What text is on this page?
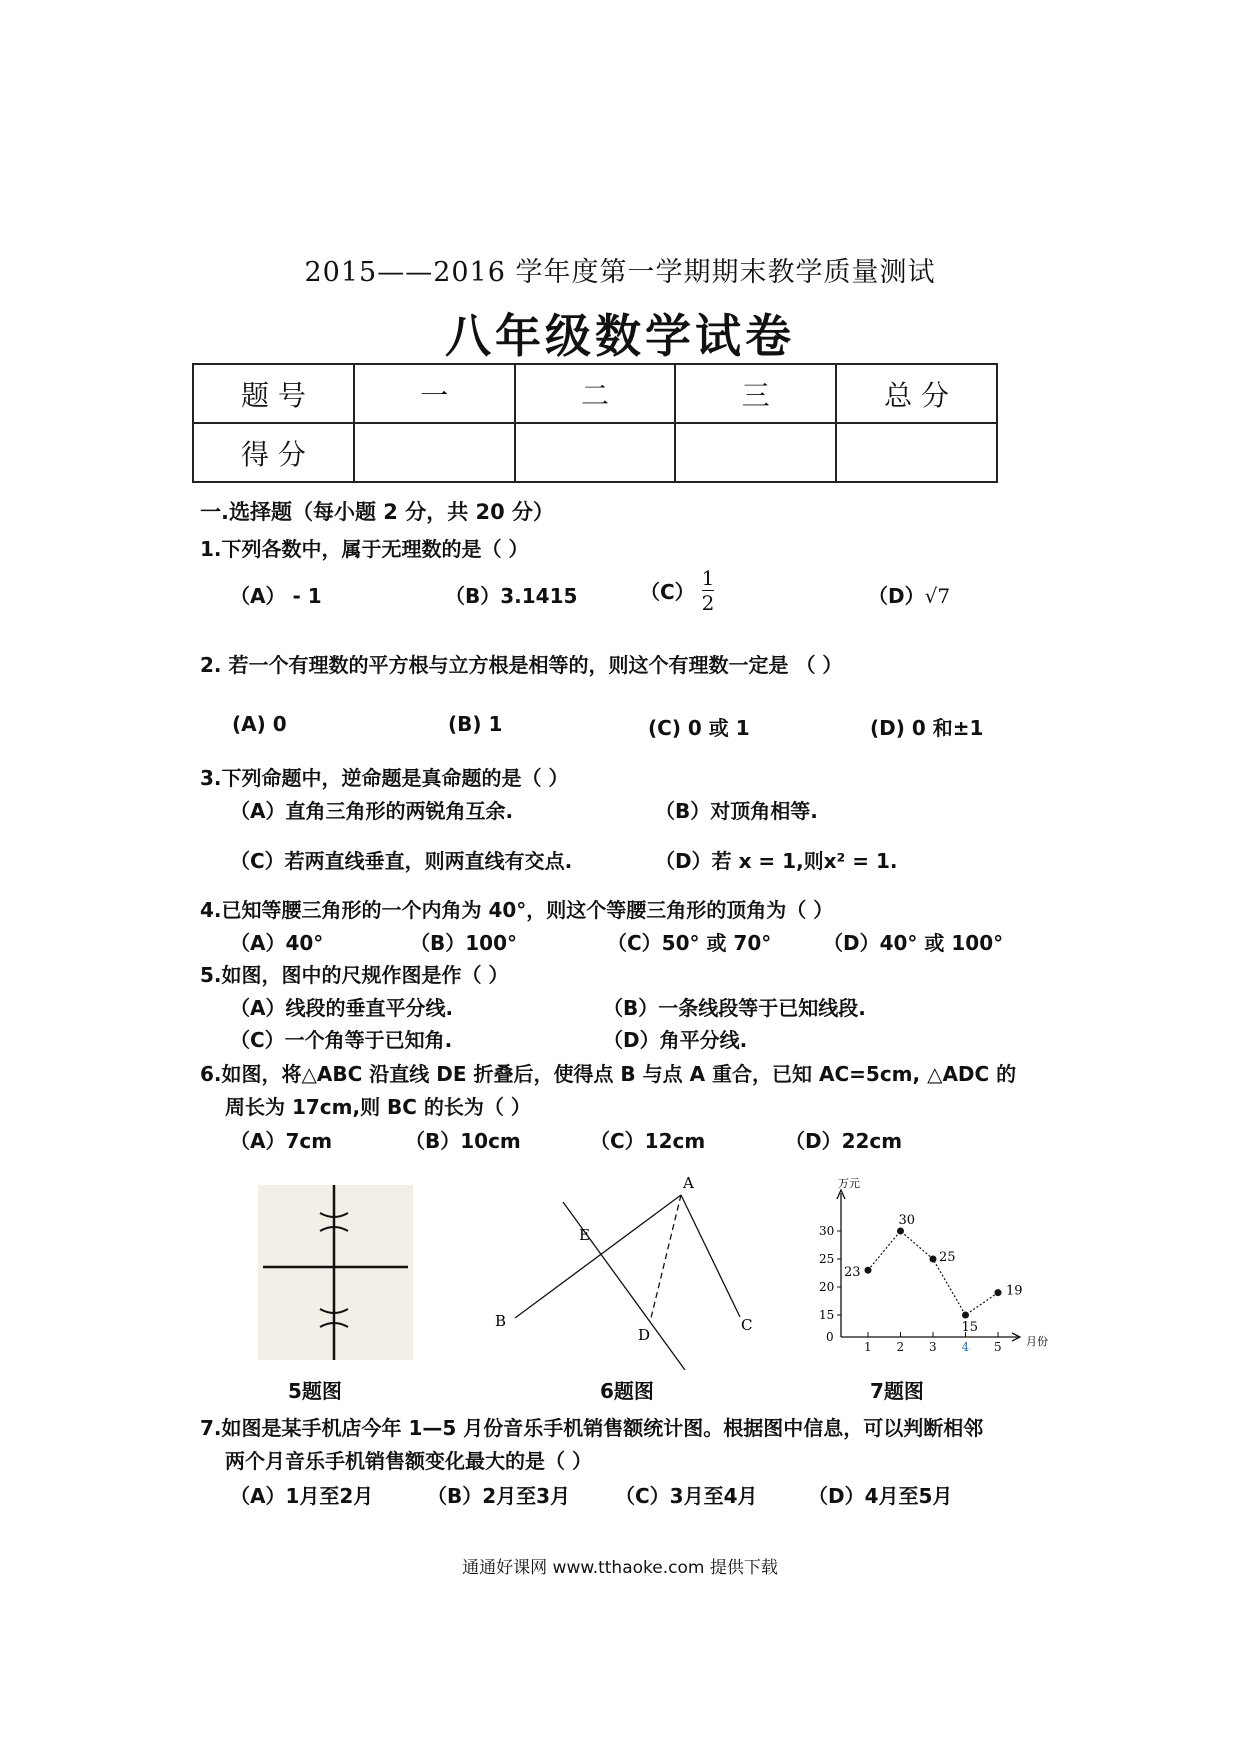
2015——2016 学年度第一学期期末教学质量测试
八年级数学试卷
题 号	一	二	三	总 分
得 分				
一.选择题（每小题 2 分，共 20 分）
1.下列各数中，属于无理数的是（ ）
（A） - 1	（B）3.1415	$(C) \frac{1}{2}$	（D）√7
2. 若一个有理数的平方根与立方根是相等的，则这个有理数一定是 （ ）
(A) 0	(B) 1	(C) 0 或 1	(D) 0 和±1
3.下列命题中，逆命题是真命题的是（ ）
（A）直角三角形的两锐角互余.	（B）对顶角相等.
（C）若两直线垂直，则两直线有交点.	（D）若 x = 1,则x² = 1.
4.已知等腰三角形的一个内角为 40°，则这个等腰三角形的顶角为（ ）
（A）40°	（B）100°	（C）50° 或 70°	（D）40° 或 100°
5.如图，图中的尺规作图是作（ ）
（A）线段的垂直平分线.	（B）一条线段等于已知线段.
（C）一个角等于已知角.	（D）角平分线.
6.如图，将△ABC 沿直线 DE 折叠后，使得点 B 与点 A 重合，已知 AC=5cm, △ADC 的
周长为 17cm,则 BC 的长为（ ）
（A）7cm	（B）10cm	（C）12cm	（D）22cm
A
B	C
D
E
万元
月份
0
15
20
25
30
1 2 3 4 5
23
30
25
15
19
5题图	6题图	7题图
7.如图是某手机店今年 1—5 月份音乐手机销售额统计图。根据图中信息，可以判断相邻
两个月音乐手机销售额变化最大的是（ ）
（A）1月至2月	（B）2月至3月 （C）3月至4月	（D）4月至5月
通通好课网 www.tthaoke.com 提供下载
